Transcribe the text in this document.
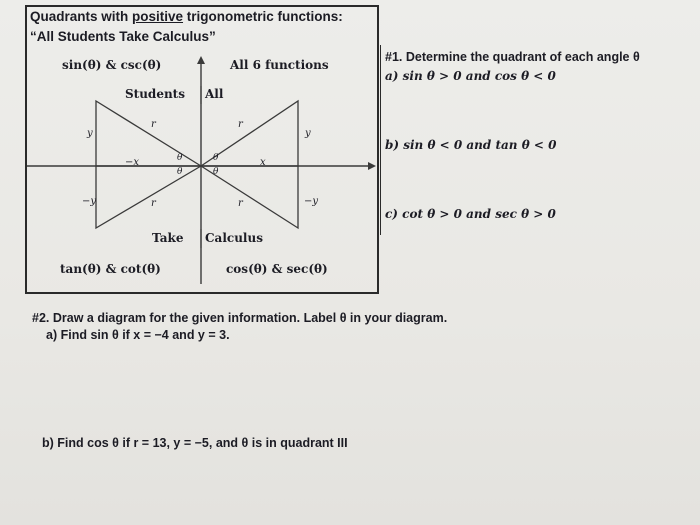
Quadrants with positive trigonometric functions:
“All Students Take Calculus”
sin(θ) & csc(θ)	All 6 functions
tan(θ) & cot(θ)	cos(θ) & sec(θ)
Students All
Take Calculus
r	r
r	r
y	y
−y	−y
−x	x
θ	θ
θ	θ
#1. Determine the quadrant of each angle θ
a) sin θ > 0 and cos θ < 0
b) sin θ < 0 and tan θ < 0
c) cot θ > 0 and sec θ > 0
#2. Draw a diagram for the given information. Label θ in your diagram.
a) Find sin θ if x = −4 and y = 3.
b) Find cos θ if r = 13, y = −5, and θ is in quadrant III
